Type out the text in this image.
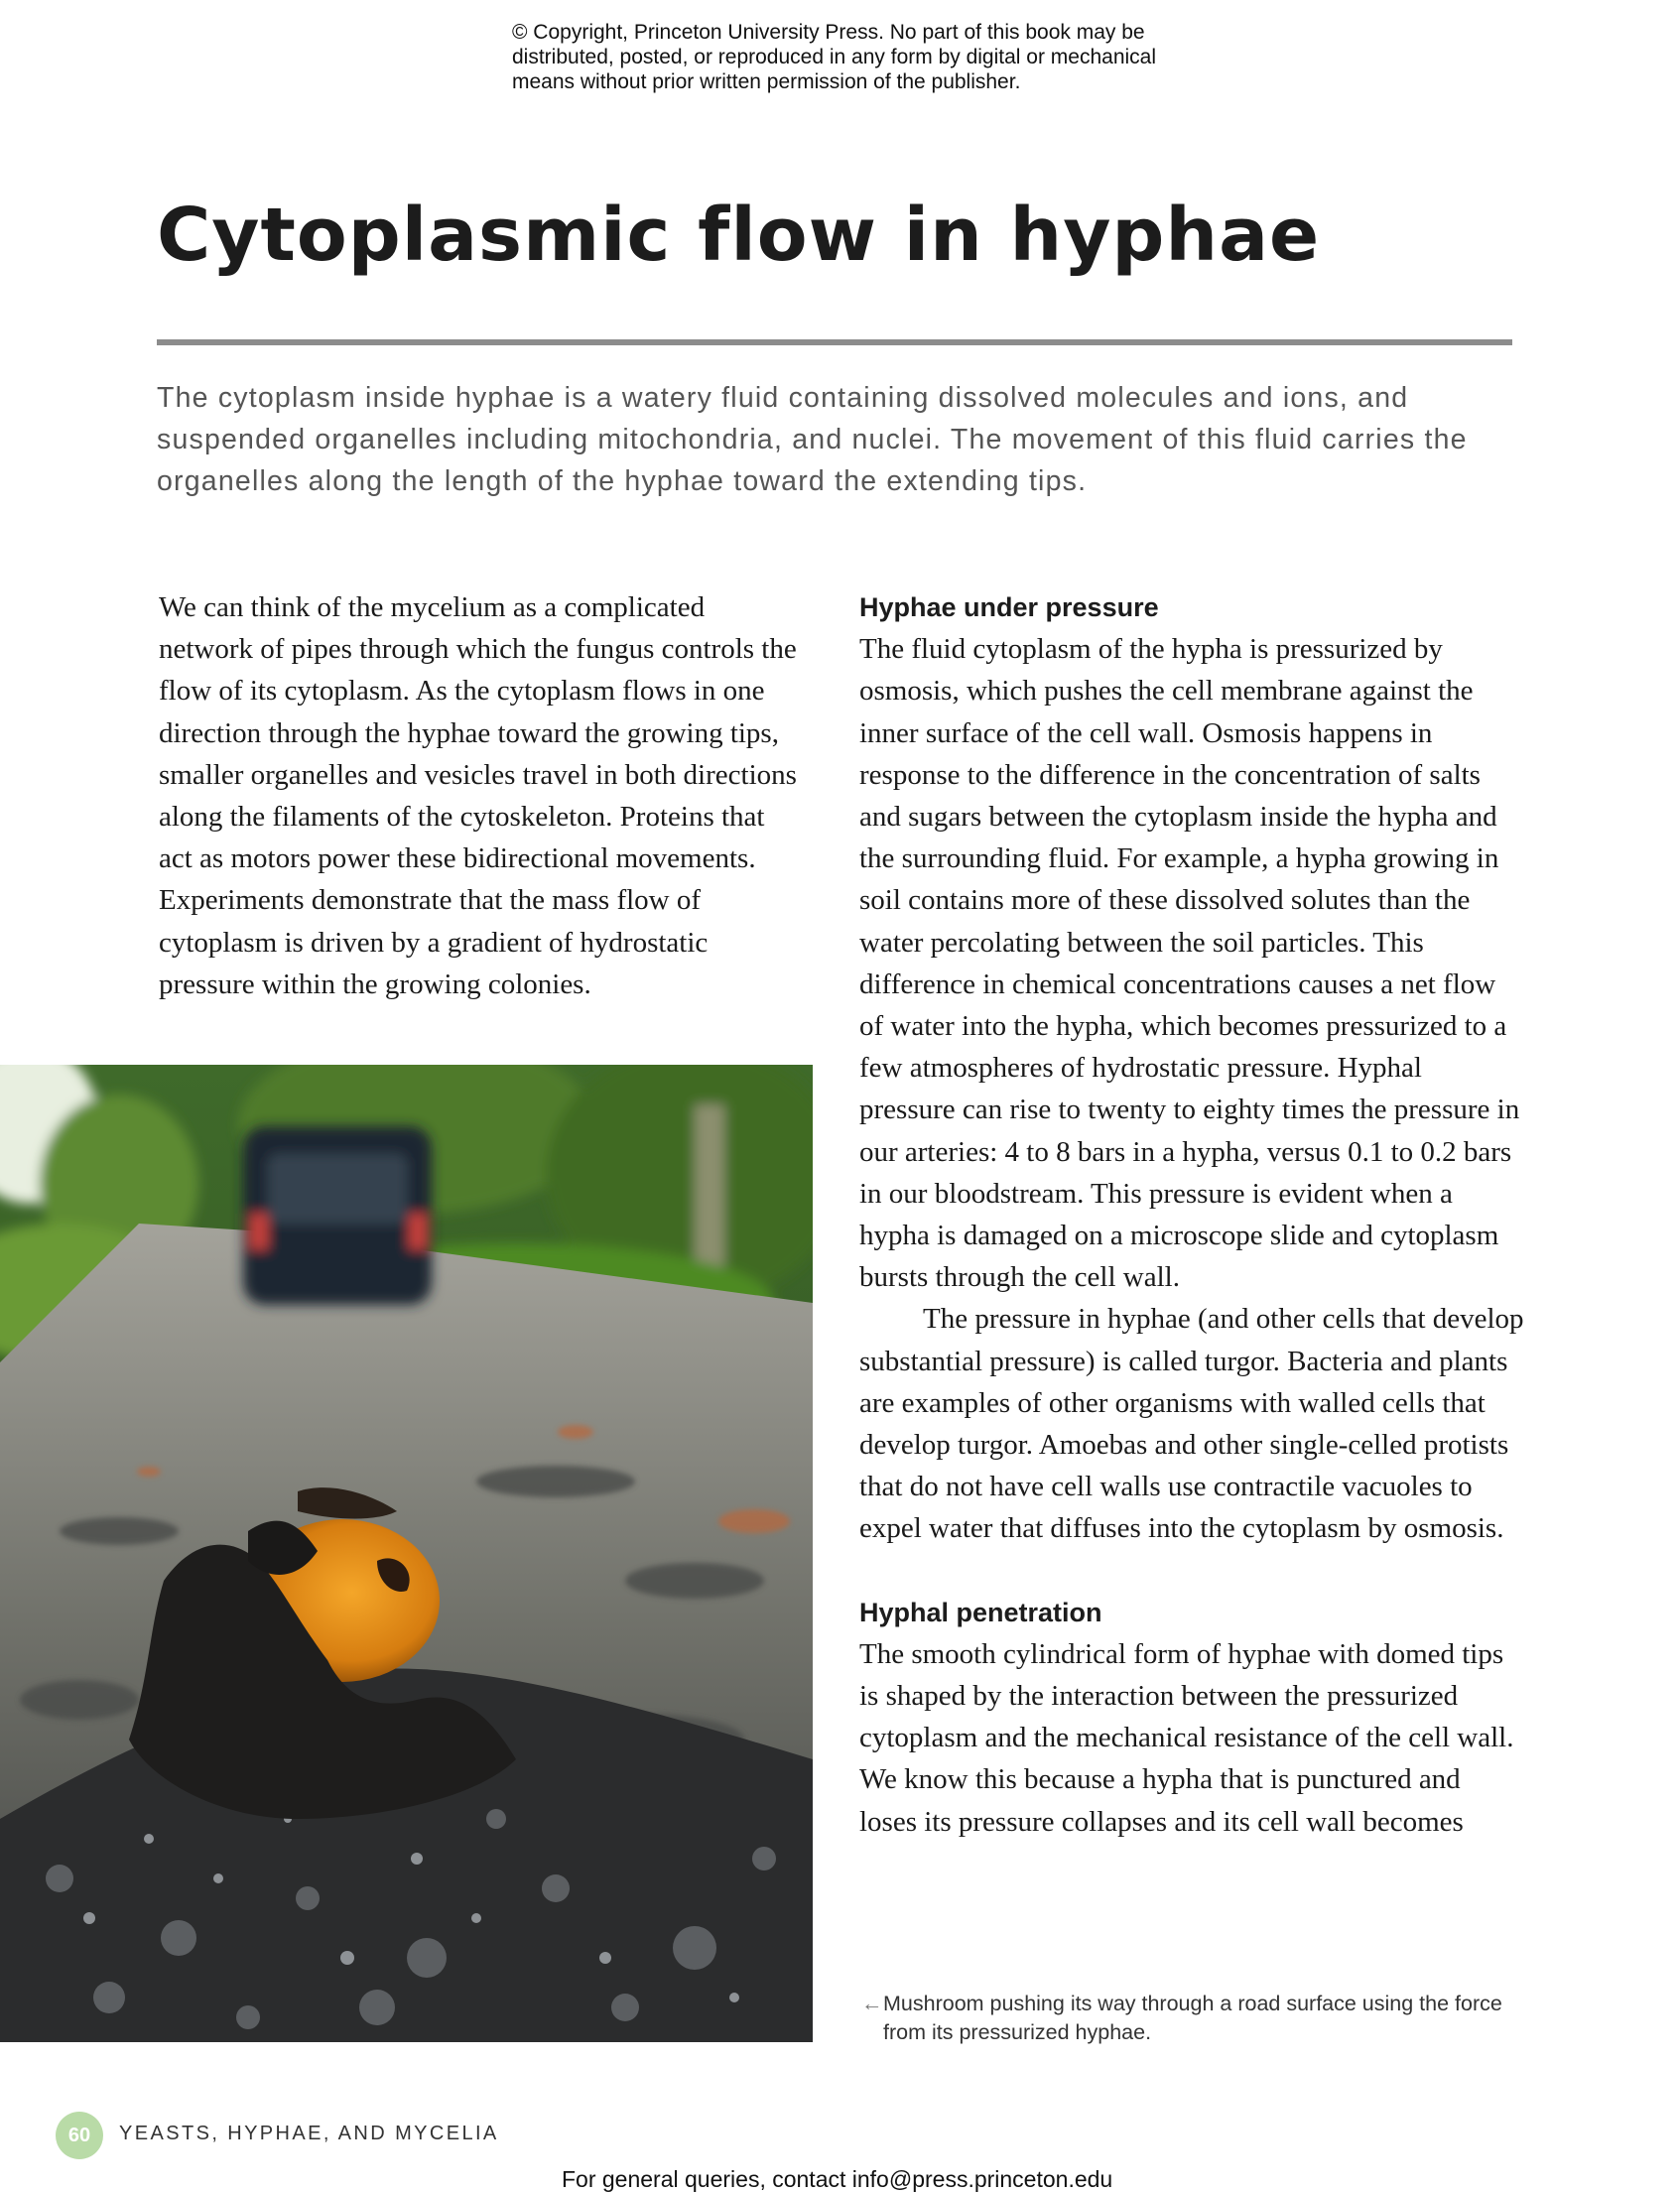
© Copyright, Princeton University Press. No part of this book may be
distributed, posted, or reproduced in any form by digital or mechanical
means without prior written permission of the publisher.
Cytoplasmic flow in hyphae

The cytoplasm inside hyphae is a watery fluid containing dissolved molecules and ions, and suspended organelles including mitochondria, and nuclei. The movement of this fluid carries the organelles along the length of the hyphae toward the extending tips.

We can think of the mycelium as a complicated network of pipes through which the fungus controls the flow of its cytoplasm. As the cytoplasm flows in one direction through the hyphae toward the growing tips, smaller organelles and vesicles travel in both directions along the filaments of the cytoskeleton. Proteins that act as motors power these bidirectional movements. Experiments demonstrate that the mass flow of cytoplasm is driven by a gradient of hydrostatic pressure within the growing colonies.

Hyphae under pressure

The fluid cytoplasm of the hypha is pressurized by osmosis, which pushes the cell membrane against the inner surface of the cell wall. Osmosis happens in response to the difference in the concentration of salts and sugars between the cytoplasm inside the hypha and the surrounding fluid. For example, a hypha growing in soil contains more of these dissolved solutes than the water percolating between the soil particles. This difference in chemical concentrations causes a net flow of water into the hypha, which becomes pressurized to a few atmospheres of hydrostatic pressure. Hyphal pressure can rise to twenty to eighty times the pressure in our arteries: 4 to 8 bars in a hypha, versus 0.1 to 0.2 bars in our bloodstream. This pressure is evident when a hypha is damaged on a microscope slide and cytoplasm bursts through the cell wall.

The pressure in hyphae (and other cells that develop substantial pressure) is called turgor. Bacteria and plants are examples of other organisms with walled cells that develop turgor. Amoebas and other single-celled protists that do not have cell walls use contractile vacuoles to expel water that diffuses into the cytoplasm by osmosis.

Hyphal penetration

The smooth cylindrical form of hyphae with domed tips is shaped by the interaction between the pressurized cytoplasm and the mechanical resistance of the cell wall. We know this because a hypha that is punctured and loses its pressure collapses and its cell wall becomes

← Mushroom pushing its way through a road surface using the force from its pressurized hyphae.
60	YEASTS, HYPHAE, AND MYCELIA
For general queries, contact info@press.princeton.edu
